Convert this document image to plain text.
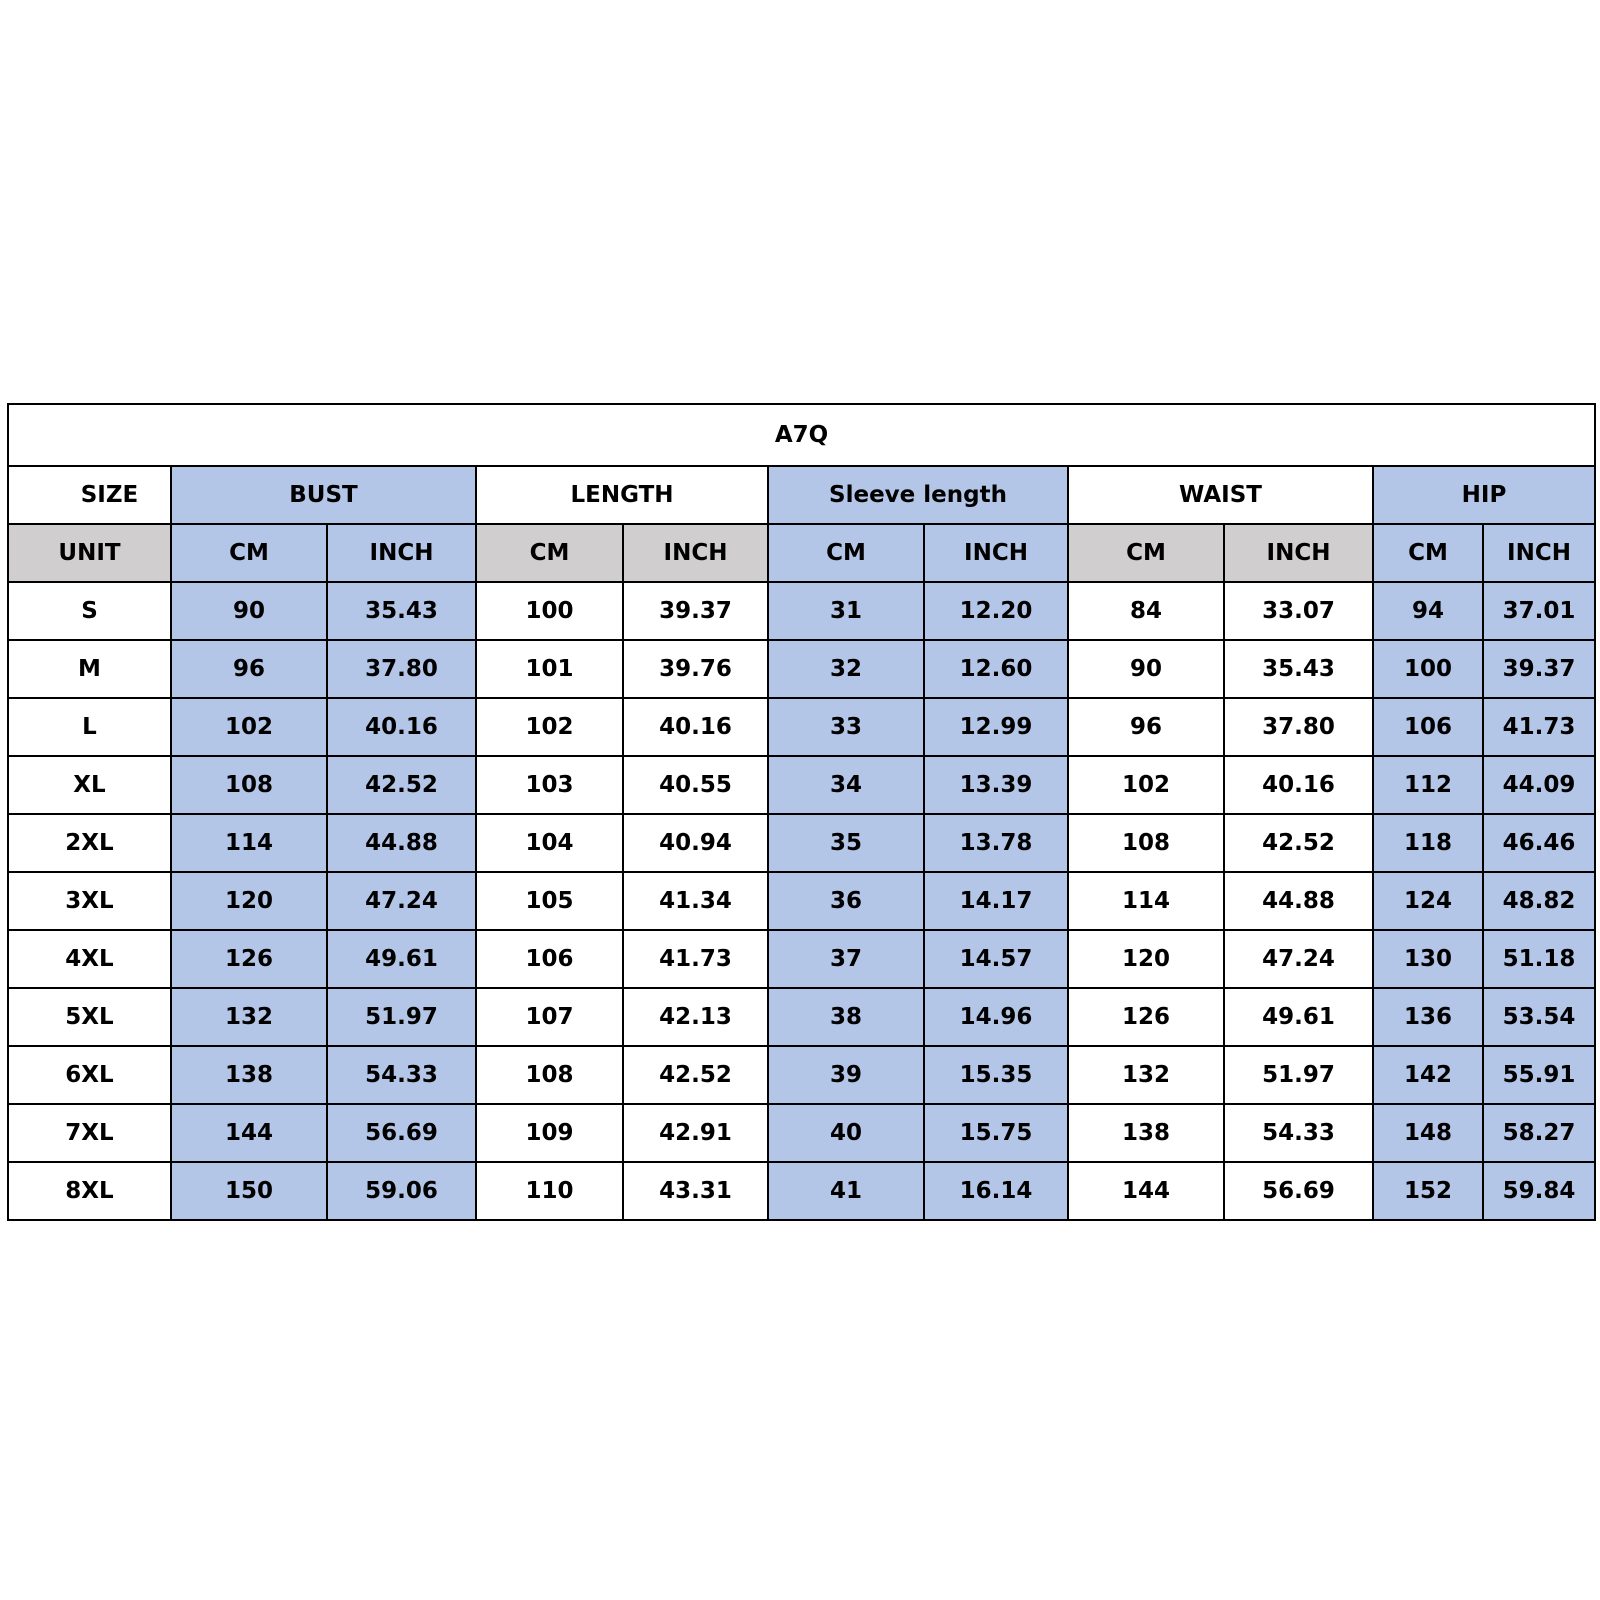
A7Q										
SIZE	BUST		LENGTH		Sleeve length		WAIST		HIP	
UNIT	CM	INCH	CM	INCH	CM	INCH	CM	INCH	CM	INCH
S	90	35.43	100	39.37	31	12.20	84	33.07	94	37.01
M	96	37.80	101	39.76	32	12.60	90	35.43	100	39.37
L	102	40.16	102	40.16	33	12.99	96	37.80	106	41.73
XL	108	42.52	103	40.55	34	13.39	102	40.16	112	44.09
2XL	114	44.88	104	40.94	35	13.78	108	42.52	118	46.46
3XL	120	47.24	105	41.34	36	14.17	114	44.88	124	48.82
4XL	126	49.61	106	41.73	37	14.57	120	47.24	130	51.18
5XL	132	51.97	107	42.13	38	14.96	126	49.61	136	53.54
6XL	138	54.33	108	42.52	39	15.35	132	51.97	142	55.91
7XL	144	56.69	109	42.91	40	15.75	138	54.33	148	58.27
8XL	150	59.06	110	43.31	41	16.14	144	56.69	152	59.84
